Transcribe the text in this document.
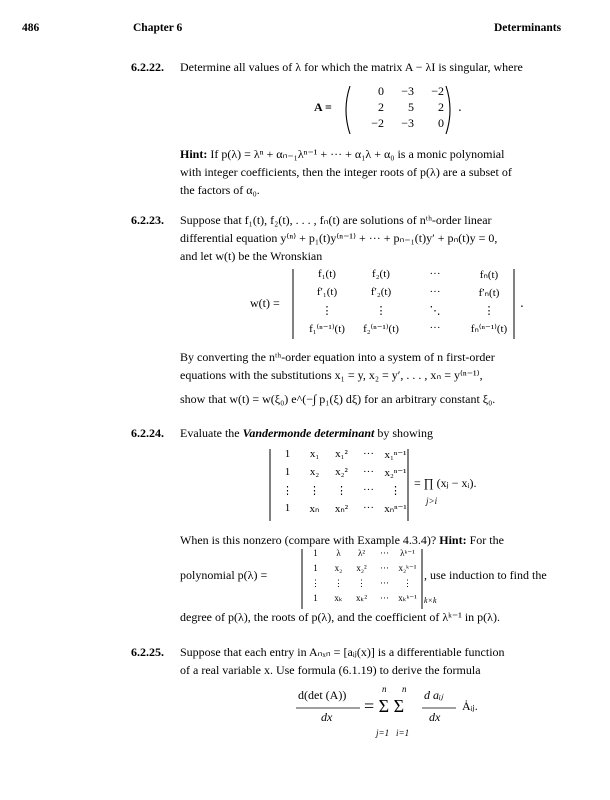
486	Chapter 6	Determinants
6.2.22. Determine all values of λ for which the matrix A − λI is singular, where
A =
0	−3	−2
2	5	2
−2	−3	0
.
Hint: If p(λ) = λⁿ + αₙ₋₁λⁿ⁻¹ + ··· + α₁λ + α₀ is a monic polynomial
with integer coefficients, then the integer roots of p(λ) are a subset of
the factors of α₀.
6.2.23. Suppose that f₁(t), f₂(t), . . . , fₙ(t) are solutions of nᵗʰ-order linear
differential equation y⁽ⁿ⁾ + p₁(t)y⁽ⁿ⁻¹⁾ + ··· + pₙ₋₁(t)y′ + pₙ(t)y = 0,
and let w(t) be the Wronskian
w(t) =
f₁(t)	f₂(t)	···	fₙ(t)
f′₁(t)	f′₂(t)	···	f′ₙ(t)
⋮	⋮	⋱	⋮
f₁⁽ⁿ⁻¹⁾(t)	f₂⁽ⁿ⁻¹⁾(t)	···	fₙ⁽ⁿ⁻¹⁾(t)
.
By converting the nᵗʰ-order equation into a system of n first-order
equations with the substitutions x₁ = y, x₂ = y′, . . . , xₙ = y⁽ⁿ⁻¹⁾,
show that w(t) = w(ξ₀) e^(−∫ p₁(ξ) dξ) for an arbitrary constant ξ₀.
6.2.24. Evaluate the Vandermonde determinant by showing
1	x₁	x₁²	··· x₁ⁿ⁻¹
1	x₂	x₂²	··· x₂ⁿ⁻¹
⋮	⋮	⋮	···	⋮
1	xₙ	xₙ²	··· xₙⁿ⁻¹
= ∏ (xⱼ − xᵢ).
j>i
When is this nonzero (compare with Example 4.3.4)? Hint: For the
polynomial p(λ) =
1	λ	λ²	···	λᵏ⁻¹
1	x₂	x₂²	···	x₂ᵏ⁻¹
⋮	⋮	⋮	···	⋮
1	xₖ	xₖ²	···	xₖᵏ⁻¹ k×k
, use induction to find the
degree of p(λ), the roots of p(λ), and the coefficient of λᵏ⁻¹ in p(λ).
6.2.25. Suppose that each entry in Aₙₓₙ = [aᵢⱼ(x)] is a differentiable function
of a real variable x. Use formula (6.1.19) to derive the formula
d(det (A))
dx
n n
= Σ Σ
j=1 i=1
d aᵢⱼ
dx
Ȧᵢⱼ.
